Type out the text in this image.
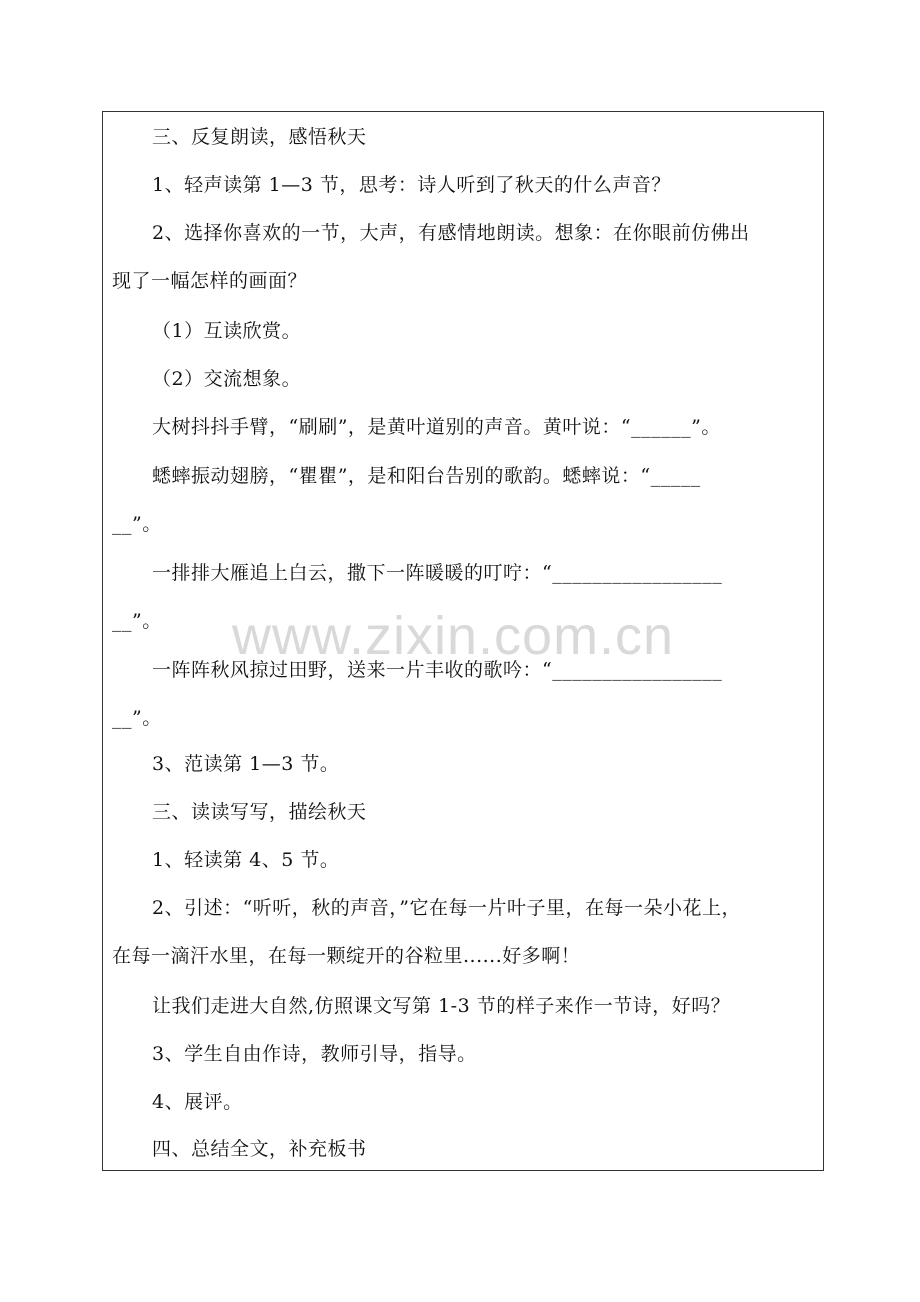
www.zixin.com.cn
三、反复朗读，感悟秋天
1、轻声读第 1—3 节，思考：诗人听到了秋天的什么声音？
2、选择你喜欢的一节，大声，有感情地朗读。想象：在你眼前仿佛出
现了一幅怎样的画面？
（1）互读欣赏。
（2）交流想象。
大树抖抖手臂，“刷刷”，是黄叶道别的声音。黄叶说：“______”。
蟋蟀振动翅膀，“瞿瞿”，是和阳台告别的歌韵。蟋蟀说：“_____
__”。
一排排大雁追上白云，撒下一阵暖暖的叮咛：“_________________
__”。
一阵阵秋风掠过田野，送来一片丰收的歌吟：“_________________
__”。
3、范读第 1—3 节。
三、读读写写，描绘秋天
1、轻读第 4、5 节。
2、引述：“听听，秋的声音，”它在每一片叶子里，在每一朵小花上，
在每一滴汗水里，在每一颗绽开的谷粒里......好多啊！
让我们走进大自然,仿照课文写第 1-3 节的样子来作一节诗，好吗？
3、学生自由作诗，教师引导，指导。
4、展评。
四、总结全文，补充板书
